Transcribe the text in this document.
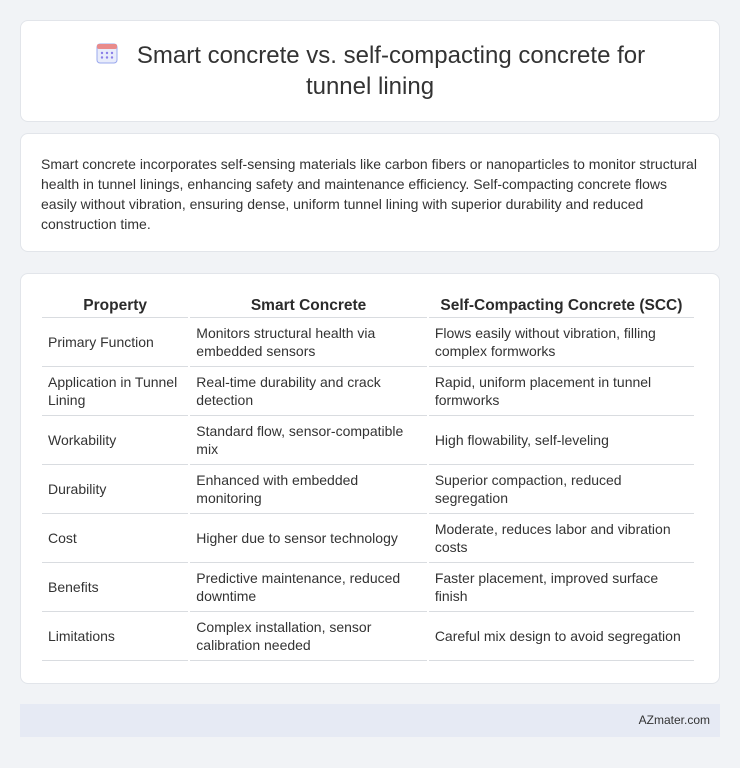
Smart concrete vs. self-compacting concrete for tunnel lining

Smart concrete incorporates self-sensing materials like carbon fibers or nanoparticles to monitor structural health in tunnel linings, enhancing safety and maintenance efficiency. Self-compacting concrete flows easily without vibration, ensuring dense, uniform tunnel lining with superior durability and reduced construction time.

Property	Smart Concrete	Self-Compacting Concrete (SCC)
Primary Function	Monitors structural health via embedded sensors	Flows easily without vibration, filling complex formworks
Application in Tunnel Lining	Real-time durability and crack detection	Rapid, uniform placement in tunnel formworks
Workability	Standard flow, sensor-compatible mix	High flowability, self-leveling
Durability	Enhanced with embedded monitoring	Superior compaction, reduced segregation
Cost	Higher due to sensor technology	Moderate, reduces labor and vibration costs
Benefits	Predictive maintenance, reduced downtime	Faster placement, improved surface finish
Limitations	Complex installation, sensor calibration needed	Careful mix design to avoid segregation
AZmater.com
